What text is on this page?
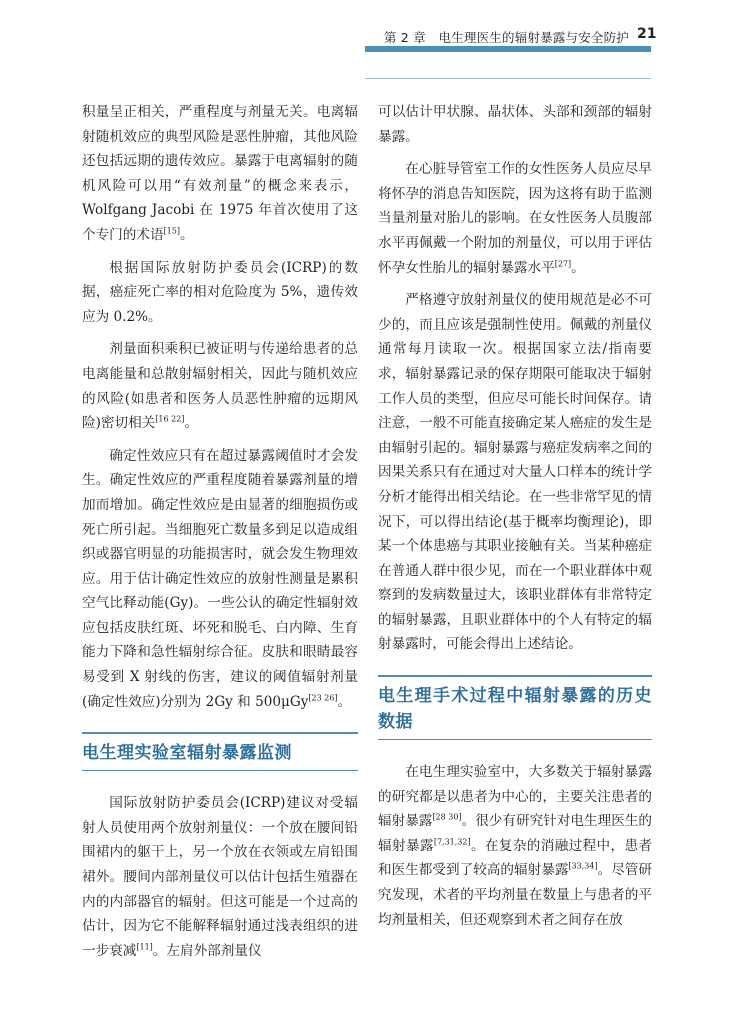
第 2 章　电生理医生的辐射暴露与安全防护 21

积量呈正相关，严重程度与剂量无关。电离辐射随机效应的典型风险是恶性肿瘤，其他风险还包括远期的遗传效应。暴露于电离辐射的随机风险可以用“有效剂量”的概念来表示，Wolfgang Jacobi 在 1975 年首次使用了这个专门的术语[15]。

根据国际放射防护委员会(ICRP)的数据，癌症死亡率的相对危险度为 5%，遗传效应为 0.2%。

剂量面积乘积已被证明与传递给患者的总电离能量和总散射辐射相关，因此与随机效应的风险(如患者和医务人员恶性肿瘤的远期风险)密切相关[16 22]。

确定性效应只有在超过暴露阈值时才会发生。确定性效应的严重程度随着暴露剂量的增加而增加。确定性效应是由显著的细胞损伤或死亡所引起。当细胞死亡数量多到足以造成组织或器官明显的功能损害时，就会发生物理效应。用于估计确定性效应的放射性测量是累积空气比释动能(Gy)。一些公认的确定性辐射效应包括皮肤红斑、坏死和脱毛、白内障、生育能力下降和急性辐射综合征。皮肤和眼睛最容易受到 X 射线的伤害，建议的阈值辐射剂量(确定性效应)分别为 2Gy 和 500μGy[23 26]。

电生理实验室辐射暴露监测

国际放射防护委员会(ICRP)建议对受辐射人员使用两个放射剂量仪：一个放在腰间铅围裙内的躯干上，另一个放在衣领或左肩铅围裙外。腰间内部剂量仪可以估计包括生殖器在内的内部器官的辐射。但这可能是一个过高的估计，因为它不能解释辐射通过浅表组织的进一步衰减[11]。左肩外部剂量仪

可以估计甲状腺、晶状体、头部和颈部的辐射暴露。

在心脏导管室工作的女性医务人员应尽早将怀孕的消息告知医院，因为这将有助于监测当量剂量对胎儿的影响。在女性医务人员腹部水平再佩戴一个附加的剂量仪，可以用于评估怀孕女性胎儿的辐射暴露水平[27]。

严格遵守放射剂量仪的使用规范是必不可少的，而且应该是强制性使用。佩戴的剂量仪通常每月读取一次。根据国家立法/指南要求，辐射暴露记录的保存期限可能取决于辐射工作人员的类型，但应尽可能长时间保存。请注意，一般不可能直接确定某人癌症的发生是由辐射引起的。辐射暴露与癌症发病率之间的因果关系只有在通过对大量人口样本的统计学分析才能得出相关结论。在一些非常罕见的情况下，可以得出结论(基于概率均衡理论)，即某一个体患癌与其职业接触有关。当某种癌症在普通人群中很少见，而在一个职业群体中观察到的发病数量过大，该职业群体有非常特定的辐射暴露，且职业群体中的个人有特定的辐射暴露时，可能会得出上述结论。

电生理手术过程中辐射暴露的历史数据

在电生理实验室中，大多数关于辐射暴露的研究都是以患者为中心的，主要关注患者的辐射暴露[28 30]。很少有研究针对电生理医生的辐射暴露[7,31,32]。在复杂的消融过程中，患者和医生都受到了较高的辐射暴露[33,34]。尽管研究发现，术者的平均剂量在数量上与患者的平均剂量相关，但还观察到术者之间存在放
